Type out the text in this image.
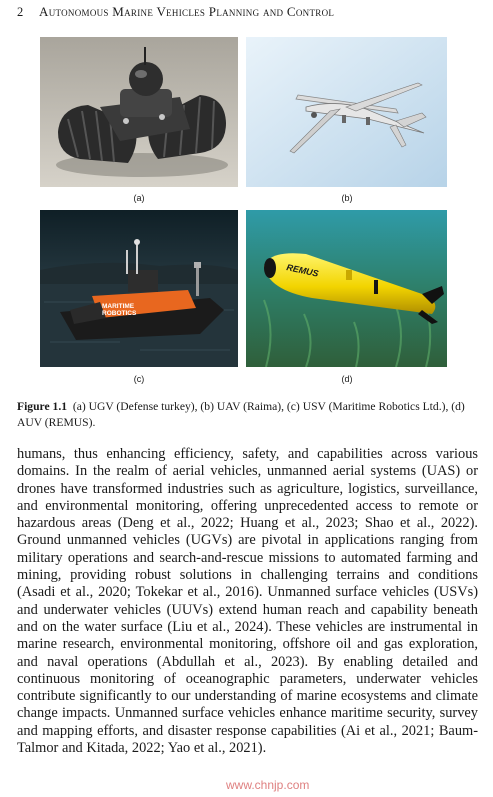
2 Autonomous Marine Vehicles Planning and Control
(a)	(b)
MARITIME
ROBOTICS
(c)
REMUS
(d)
Figure 1.1 (a) UGV (Defense turkey), (b) UAV (Raima), (c) USV (Maritime Robotics Ltd.), (d) AUV (REMUS).

humans, thus enhancing efficiency, safety, and capabilities across various domains. In the realm of aerial vehicles, unmanned aerial systems (UAS) or drones have transformed industries such as agriculture, logistics, surveillance, and environmental monitoring, offering unprecedented access to remote or hazardous areas (Deng et al., 2022; Huang et al., 2023; Shao et al., 2022). Ground unmanned vehicles (UGVs) are pivotal in applications ranging from military operations and search-and-rescue missions to automated farming and mining, providing robust solutions in challenging terrains and conditions (Asadi et al., 2020; Tokekar et al., 2016). Unmanned surface vehicles (USVs) and underwater vehicles (UUVs) extend human reach and capability beneath and on the water surface (Liu et al., 2024). These vehicles are instrumental in marine research, environmental monitoring, offshore oil and gas exploration, and naval operations (Abdullah et al., 2023). By enabling detailed and continuous monitoring of oceanographic parameters, underwater vehicles contribute significantly to our understanding of marine ecosystems and climate change impacts. Unmanned surface vehicles enhance maritime security, survey and mapping efforts, and disaster response capabilities (Ai et al., 2021; Baum-Talmor and Kitada, 2022; Yao et al., 2021).

www.chnjp.com
